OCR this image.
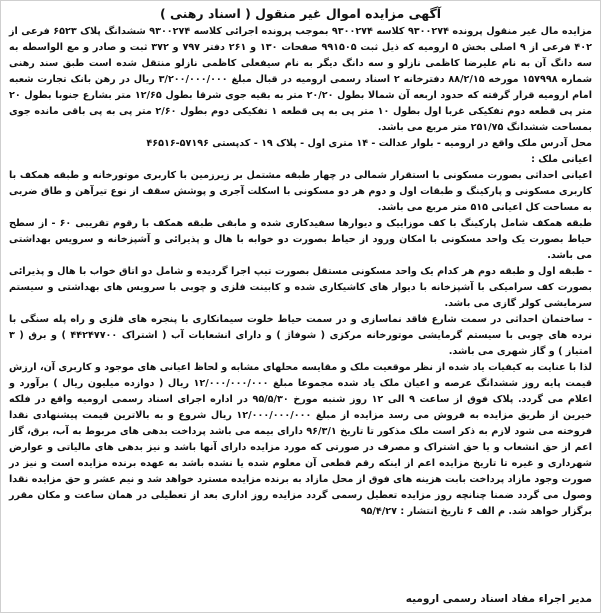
آگهی مزایده اموال غیر منقول ( اسناد رهنی )

مزایده مال غیر منقول پرونده ۹۳۰۰۲۷۴ کلاسه ۹۳۰۰۲۷۴ بموجب پرونده اجرائی کلاسه ۹۳۰۰۲۷۴ ششدانگ پلاک ۶۵۲۳ فرعی از ۴۰۲ فرعی از ۹ اصلی بخش ۵ ارومیه که ذیل ثبت ۹۹۱۵۰۵ صفحات ۱۳۰ و ۲۶۱ دفتر ۷۹۷ و ۳۷۲ ثبت و صادر و مع الواسطه به سه دانگ آن به نام علیرضا کاظمی نازلو و سه دانگ دیگر به نام سیفعلی کاظمی نازلو منتقل شده است طبق سند رهنی شماره ۱۵۷۹۹۸ مورخه ۸۸/۲/۱۵ دفترخانه ۲ اسناد رسمی ارومیه در قبال مبلغ ۳/۲۰۰/۰۰۰/۰۰۰ ریال در رهن بانک تجارت شعبه امام ارومیه قرار گرفته که حدود اربعه آن شمالا بطول ۲۰/۲۰ متر به بقیه جوی شرقا بطول ۱۲/۶۵ متر بشارع جنوبا بطول ۲۰ متر پی قطعه دوم تفکیکی غربا اول بطول ۱۰ متر پی به پی قطعه ۱ تفکیکی دوم بطول ۲/۶۰ متر پی به پی باقی مانده جوی بمساحت ششدانگ ۲۵۱/۷۵ متر مربع می باشد.

محل آدرس ملک واقع در ارومیه - بلوار عدالت - ۱۴ متری اول - پلاک ۱۹ - کدپستی ۵۷۱۹۶-۴۶۵۱۶

اعیانی ملک :

اعیانی احداثی بصورت مسکونی با استقرار شمالی در چهار طبقه مشتمل بر زیرزمین با کاربری موتورخانه و طبقه همکف با کاربری مسکونی و پارکینگ و طبقات اول و دوم هر دو مسکونی با اسکلت آجری و پوشش سقف از نوع تیرآهن و طاق ضربی به مساحت کل اعیانی ۵۱۵ متر مربع می باشد.

طبقه همکف شامل پارکینگ با کف موزاییک و دیوارها سفیدکاری شده و مابقی طبقه همکف با رقوم تقریبی ۶۰ - از سطح حیاط بصورت یک واحد مسکونی با امکان ورود از حیاط بصورت دو خوابه با هال و پذیرائی و آشپزخانه و سرویس بهداشتی می باشد.

- طبقه اول و طبقه دوم هر کدام یک واحد مسکونی مستقل بصورت تیپ اجرا گردیده و شامل دو اتاق خواب با هال و پذیرائی بصورت کف سرامیکی با آشپزخانه با دیوار های کاشیکاری شده و کابینت فلزی و چوبی با سرویس های بهداشتی و سیستم سرمایشی کولر گازی می باشد.

- ساختمان احداثی در سمت شارع فاقد نماسازی و در سمت حیاط خلوت سیمانکاری با پنجره های فلزی و راه پله سنگی با نرده های چوبی با سیستم گرمایشی موتورخانه مرکزی ( شوفاژ ) و دارای انشعابات آب ( اشتراک ۴۴۲۴۷۷۰۰ ) و برق ( ۳ امتیاز ) و گاز شهری می باشد.

لذا با عنایت به کیفیات یاد شده از نظر موقعیت ملک و مقایسه محلهای مشابه و لحاظ اعیانی های موجود و کاربری آن، ارزش قیمت پایه روز ششدانگ عرصه و اعیان ملک یاد شده مجموعا مبلغ ۱۲/۰۰۰/۰۰۰/۰۰۰ ریال ( دوازده میلیون ریال ) برآورد و اعلام می گردد. پلاک فوق از ساعت ۹ الی ۱۲ روز شنبه مورخ ۹۵/۵/۳۰ در اداره اجرای اسناد رسمی ارومیه واقع در فلکه خیرین از طریق مزایده به فروش می رسد مزایده از مبلغ ۱۲/۰۰۰/۰۰۰/۰۰۰ ریال شروع و به بالاترین قیمت پیشنهادی نقدا فروخته می شود لازم به ذکر است ملک مذکور تا تاریخ ۹۶/۳/۱ دارای بیمه می باشد پرداخت بدهی های مربوط به آب، برق، گاز اعم از حق انشعاب و یا حق اشتراک و مصرف در صورتی که مورد مزایده دارای آنها باشد و نیز بدهی های مالیاتی و عوارض شهرداری و غیره تا تاریخ مزایده اعم از اینکه رقم قطعی آن معلوم شده یا نشده باشد به عهده برنده مزایده است و نیز در صورت وجود مازاد پرداخت بابت هزینه های فوق از محل مازاد به برنده مزایده مسترد خواهد شد و نیم عشر و حق مزایده نقدا وصول می گردد ضمنا چنانچه روز مزایده تعطیل رسمی گردد مزایده روز اداری بعد از تعطیلی در همان ساعت و مکان مقرر برگزار خواهد شد. م الف ۶ تاریخ انتشار : ۹۵/۴/۲۷

مدیر اجراء مفاد اسناد رسمی ارومیه
